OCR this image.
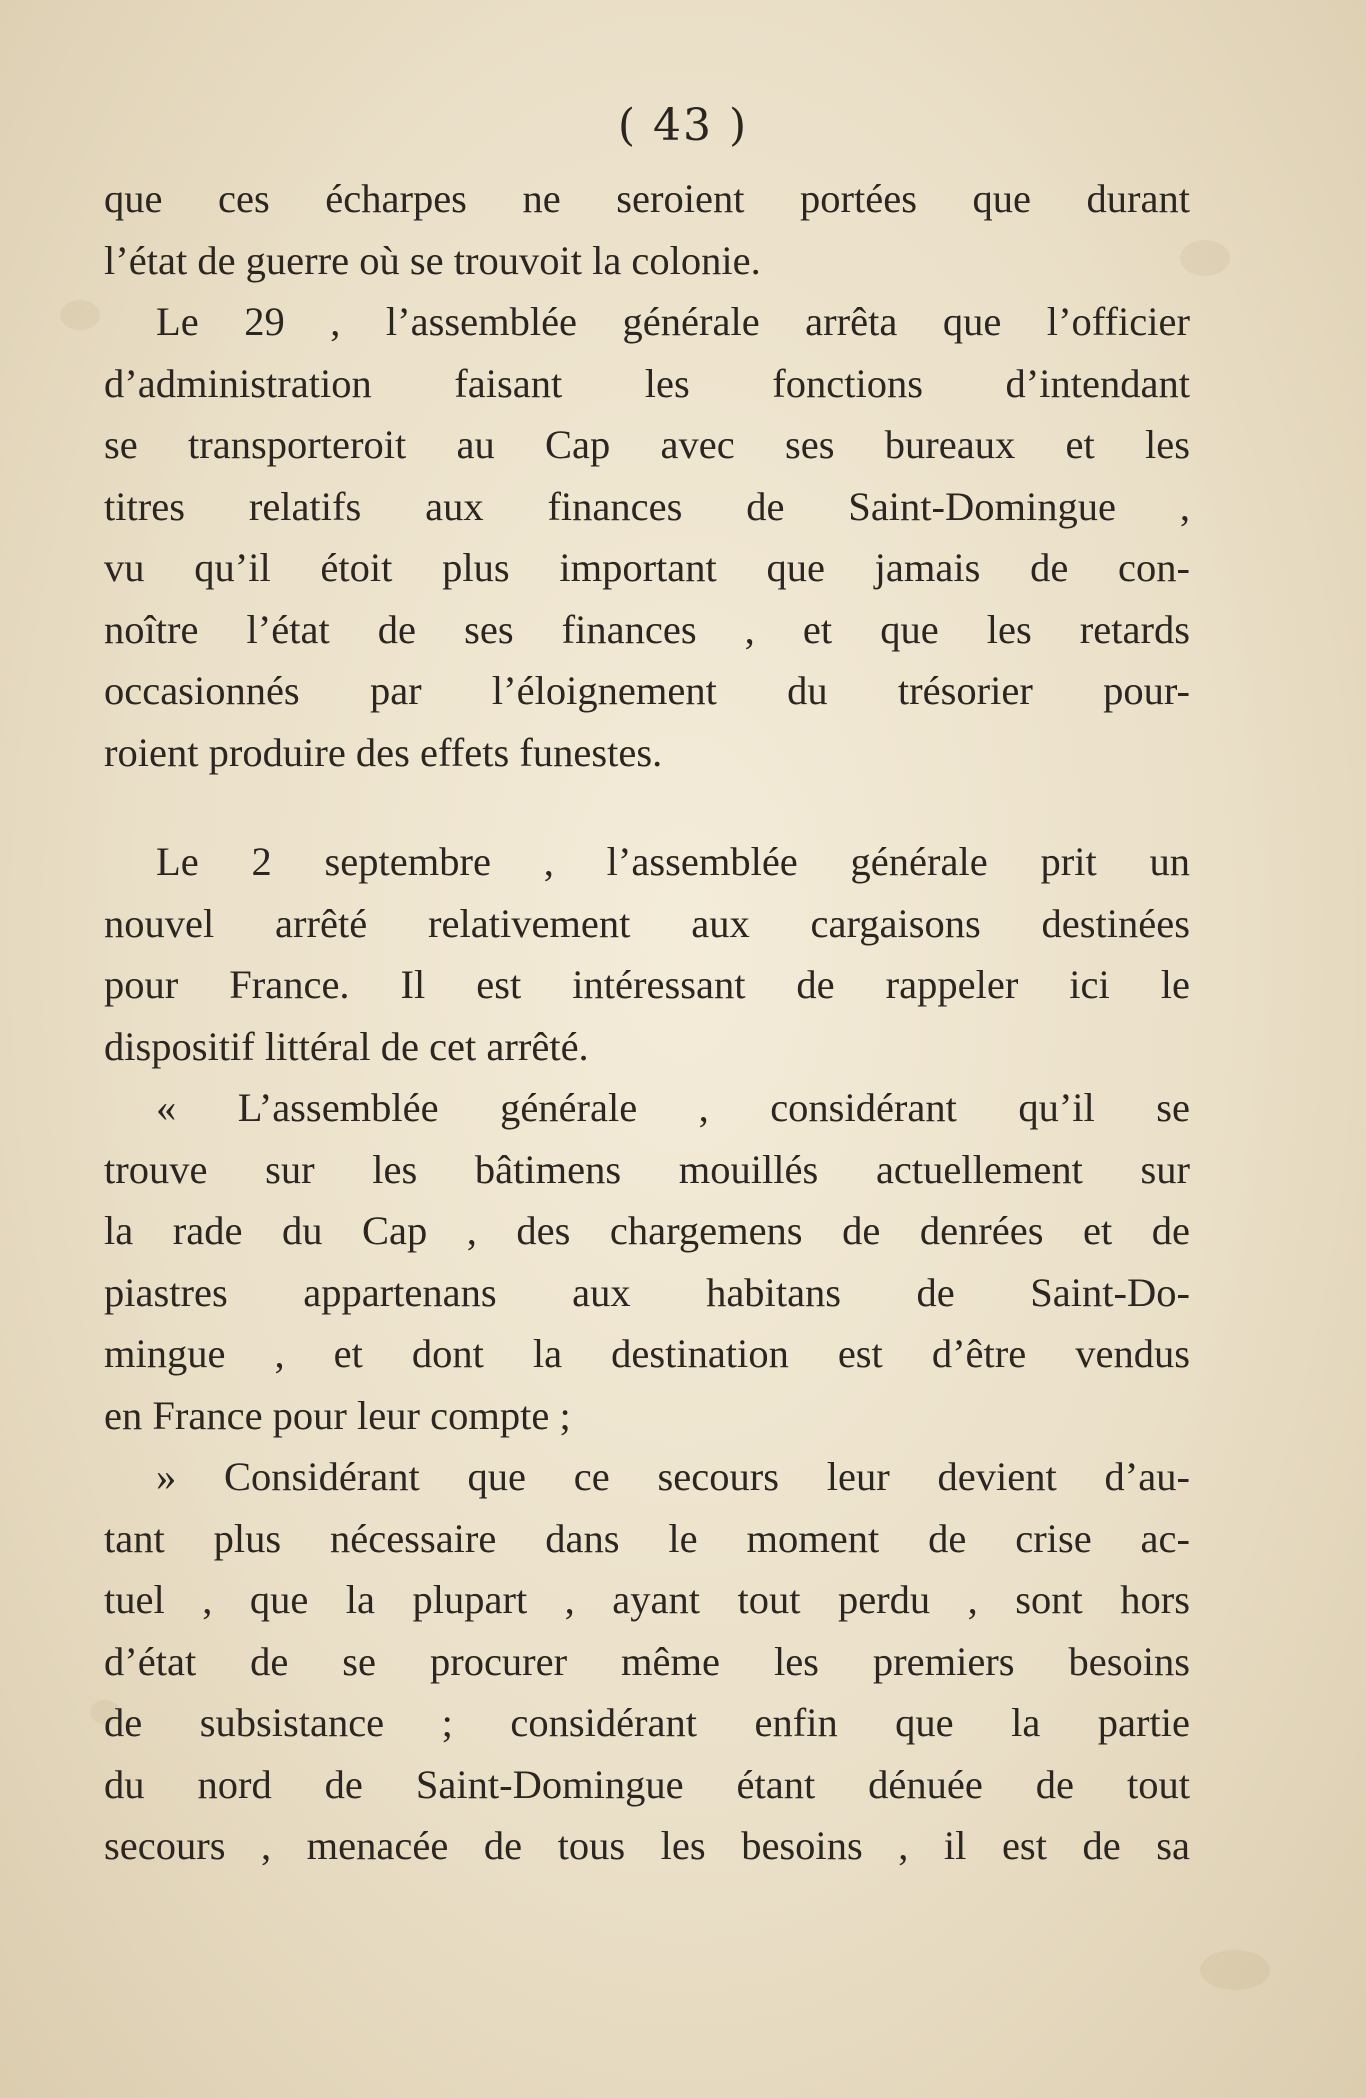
( 43 )
que ces écharpes ne seroient portées que durant
l’état de guerre où se trouvoit la colonie.
Le 29 , l’assemblée générale arrêta que l’officier
d’administration faisant les fonctions d’intendant
se transporteroit au Cap avec ses bureaux et les
titres relatifs aux finances de Saint-Domingue ,
vu qu’il étoit plus important que jamais de con-
noître l’état de ses finances , et que les retards
occasionnés par l’éloignement du trésorier pour-
roient produire des effets funestes.
Le 2 septembre , l’assemblée générale prit un
nouvel arrêté relativement aux cargaisons destinées
pour France. Il est intéressant de rappeler ici le
dispositif littéral de cet arrêté.
« L’assemblée générale , considérant qu’il se
trouve sur les bâtimens mouillés actuellement sur
la rade du Cap , des chargemens de denrées et de
piastres appartenans aux habitans de Saint-Do-
mingue , et dont la destination est d’être vendus
en France pour leur compte ;
» Considérant que ce secours leur devient d’au-
tant plus nécessaire dans le moment de crise ac-
tuel , que la plupart , ayant tout perdu , sont hors
d’état de se procurer même les premiers besoins
de subsistance ; considérant enfin que la partie
du nord de Saint-Domingue étant dénuée de tout
secours , menacée de tous les besoins , il est de sa
